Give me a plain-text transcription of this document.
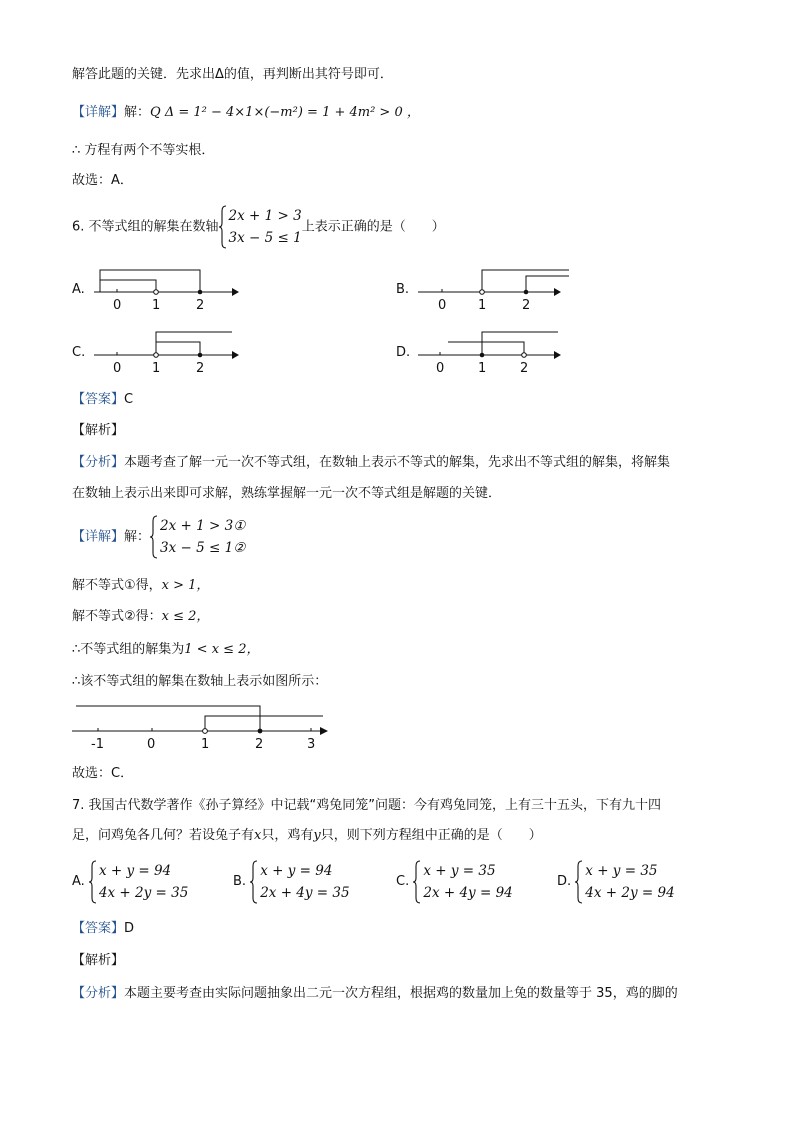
解答此题的关键．先求出Δ的值，再判断出其符号即可．
【详解】解：Q Δ = 1² − 4×1×(−m²) = 1 + 4m² > 0 ，
∴ 方程有两个不等实根．
故选：A．
6. 不等式组的解集在数轴
2x + 1 > 3
3x − 5 ≤ 1
上表示正确的是（　　）
A.
0 1	2
B.
0 1	2
C.
0 1	2
D.
0	1	2
【答案】C
【解析】
【分析】本题考查了解一元一次不等式组，在数轴上表示不等式的解集，先求出不等式组的解集，将解集
在数轴上表示出来即可求解，熟练掌握解一元一次不等式组是解题的关键．
【详解】解：
2x + 1 > 3①
3x − 5 ≤ 1②
解不等式①得，x > 1，
解不等式②得：x ≤ 2，
∴不等式组的解集为1 < x ≤ 2，
∴该不等式组的解集在数轴上表示如图所示：
-1	0	1	2	3
故选：C．
7. 我国古代数学著作《孙子算经》中记载“鸡兔同笼”问题：今有鸡兔同笼，上有三十五头，下有九十四
足，问鸡兔各几何？若设兔子有x只，鸡有y只，则下列方程组中正确的是（　　）
A.
x + y = 94
4x + 2y = 35
B.
x + y = 94
2x + 4y = 35
C.
x + y = 35
2x + 4y = 94
D.
x + y = 35
4x + 2y = 94
【答案】D
【解析】
【分析】本题主要考查由实际问题抽象出二元一次方程组，根据鸡的数量加上兔的数量等于 35，鸡的脚的
